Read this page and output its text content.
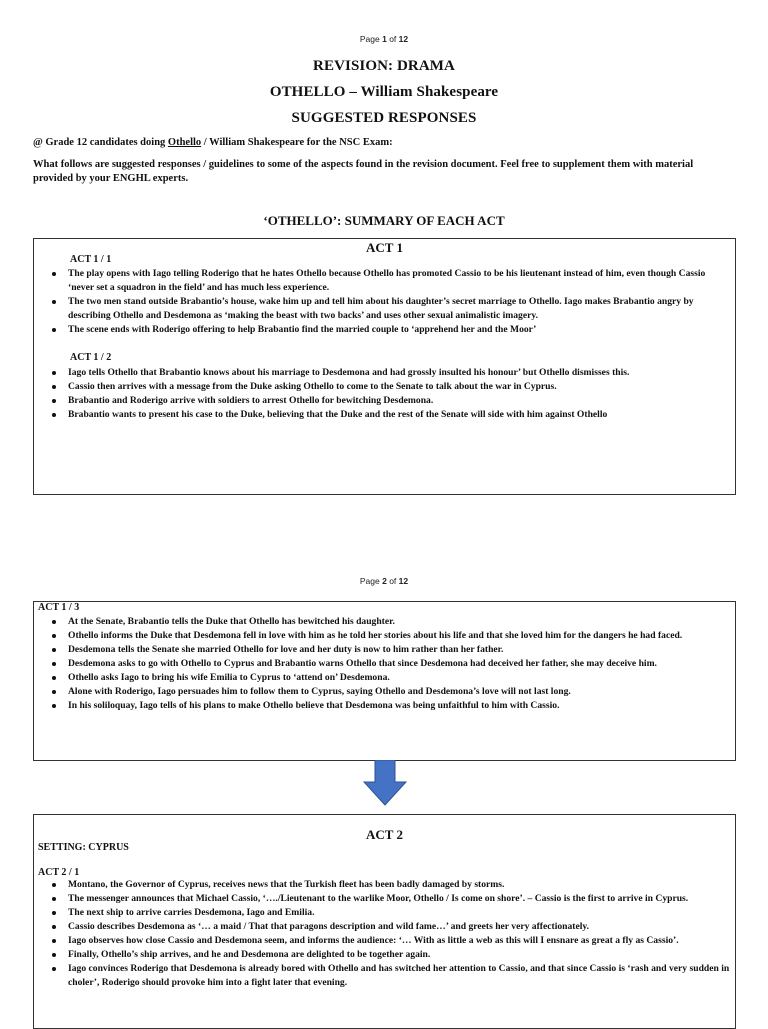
Page 1 of 12
REVISION: DRAMA
OTHELLO – William Shakespeare
SUGGESTED RESPONSES
@ Grade 12 candidates doing Othello / William Shakespeare for the NSC Exam:
What follows are suggested responses / guidelines to some of the aspects found in the revision document. Feel free to supplement them with material provided by your ENGHL experts.
‘OTHELLO’: SUMMARY OF EACH ACT
ACT 1
ACT 1 / 1
The play opens with Iago telling Roderigo that he hates Othello because Othello has promoted Cassio to be his lieutenant instead of him, even though Cassio ‘never set a squadron in the field’ and has much less experience.
The two men stand outside Brabantio’s house, wake him up and tell him about his daughter’s secret marriage to Othello. Iago makes Brabantio angry by describing Othello and Desdemona as ‘making the beast with two backs’ and uses other sexual animalistic imagery.
The scene ends with Roderigo offering to help Brabantio find the married couple to ‘apprehend her and the Moor’
ACT 1 / 2
Iago tells Othello that Brabantio knows about his marriage to Desdemona and had grossly insulted his honour’ but Othello dismisses this.
Cassio then arrives with a message from the Duke asking Othello to come to the Senate to talk about the war in Cyprus.
Brabantio and Roderigo arrive with soldiers to arrest Othello for bewitching Desdemona.
Brabantio wants to present his case to the Duke, believing that the Duke and the rest of the Senate will side with him against Othello
Page 2 of 12
ACT 1 / 3
At the Senate, Brabantio tells the Duke that Othello has bewitched his daughter.
Othello informs the Duke that Desdemona fell in love with him as he told her stories about his life and that she loved him for the dangers he had faced.
Desdemona tells the Senate she married Othello for love and her duty is now to him rather than her father.
Desdemona asks to go with Othello to Cyprus and Brabantio warns Othello that since Desdemona had deceived her father, she may deceive him.
Othello asks Iago to bring his wife Emilia to Cyprus to ‘attend on’ Desdemona.
Alone with Roderigo, Iago persuades him to follow them to Cyprus, saying Othello and Desdemona’s love will not last long.
In his soliloquay, Iago tells of his plans to make Othello believe that Desdemona was being unfaithful to him with Cassio.
ACT 2
SETTING: CYPRUS
ACT 2 / 1
Montano, the Governor of Cyprus, receives news that the Turkish fleet has been badly damaged by storms.
The messenger announces that Michael Cassio, ‘…./Lieutenant to the warlike Moor, Othello / Is come on shore’. – Cassio is the first to arrive in Cyprus.
The next ship to arrive carries Desdemona, Iago and Emilia.
Cassio describes Desdemona as ‘… a maid / That that paragons description and wild fame…’ and greets her very affectionately.
Iago observes how close Cassio and Desdemona seem, and informs the audience: ‘… With as little a web as this will I ensnare as great a fly as Cassio’.
Finally, Othello’s ship arrives, and he and Desdemona are delighted to be together again.
Iago convinces Roderigo that Desdemona is already bored with Othello and has switched her attention to Cassio, and that since Cassio is ‘rash and very sudden in choler’, Roderigo should provoke him into a fight later that evening.
